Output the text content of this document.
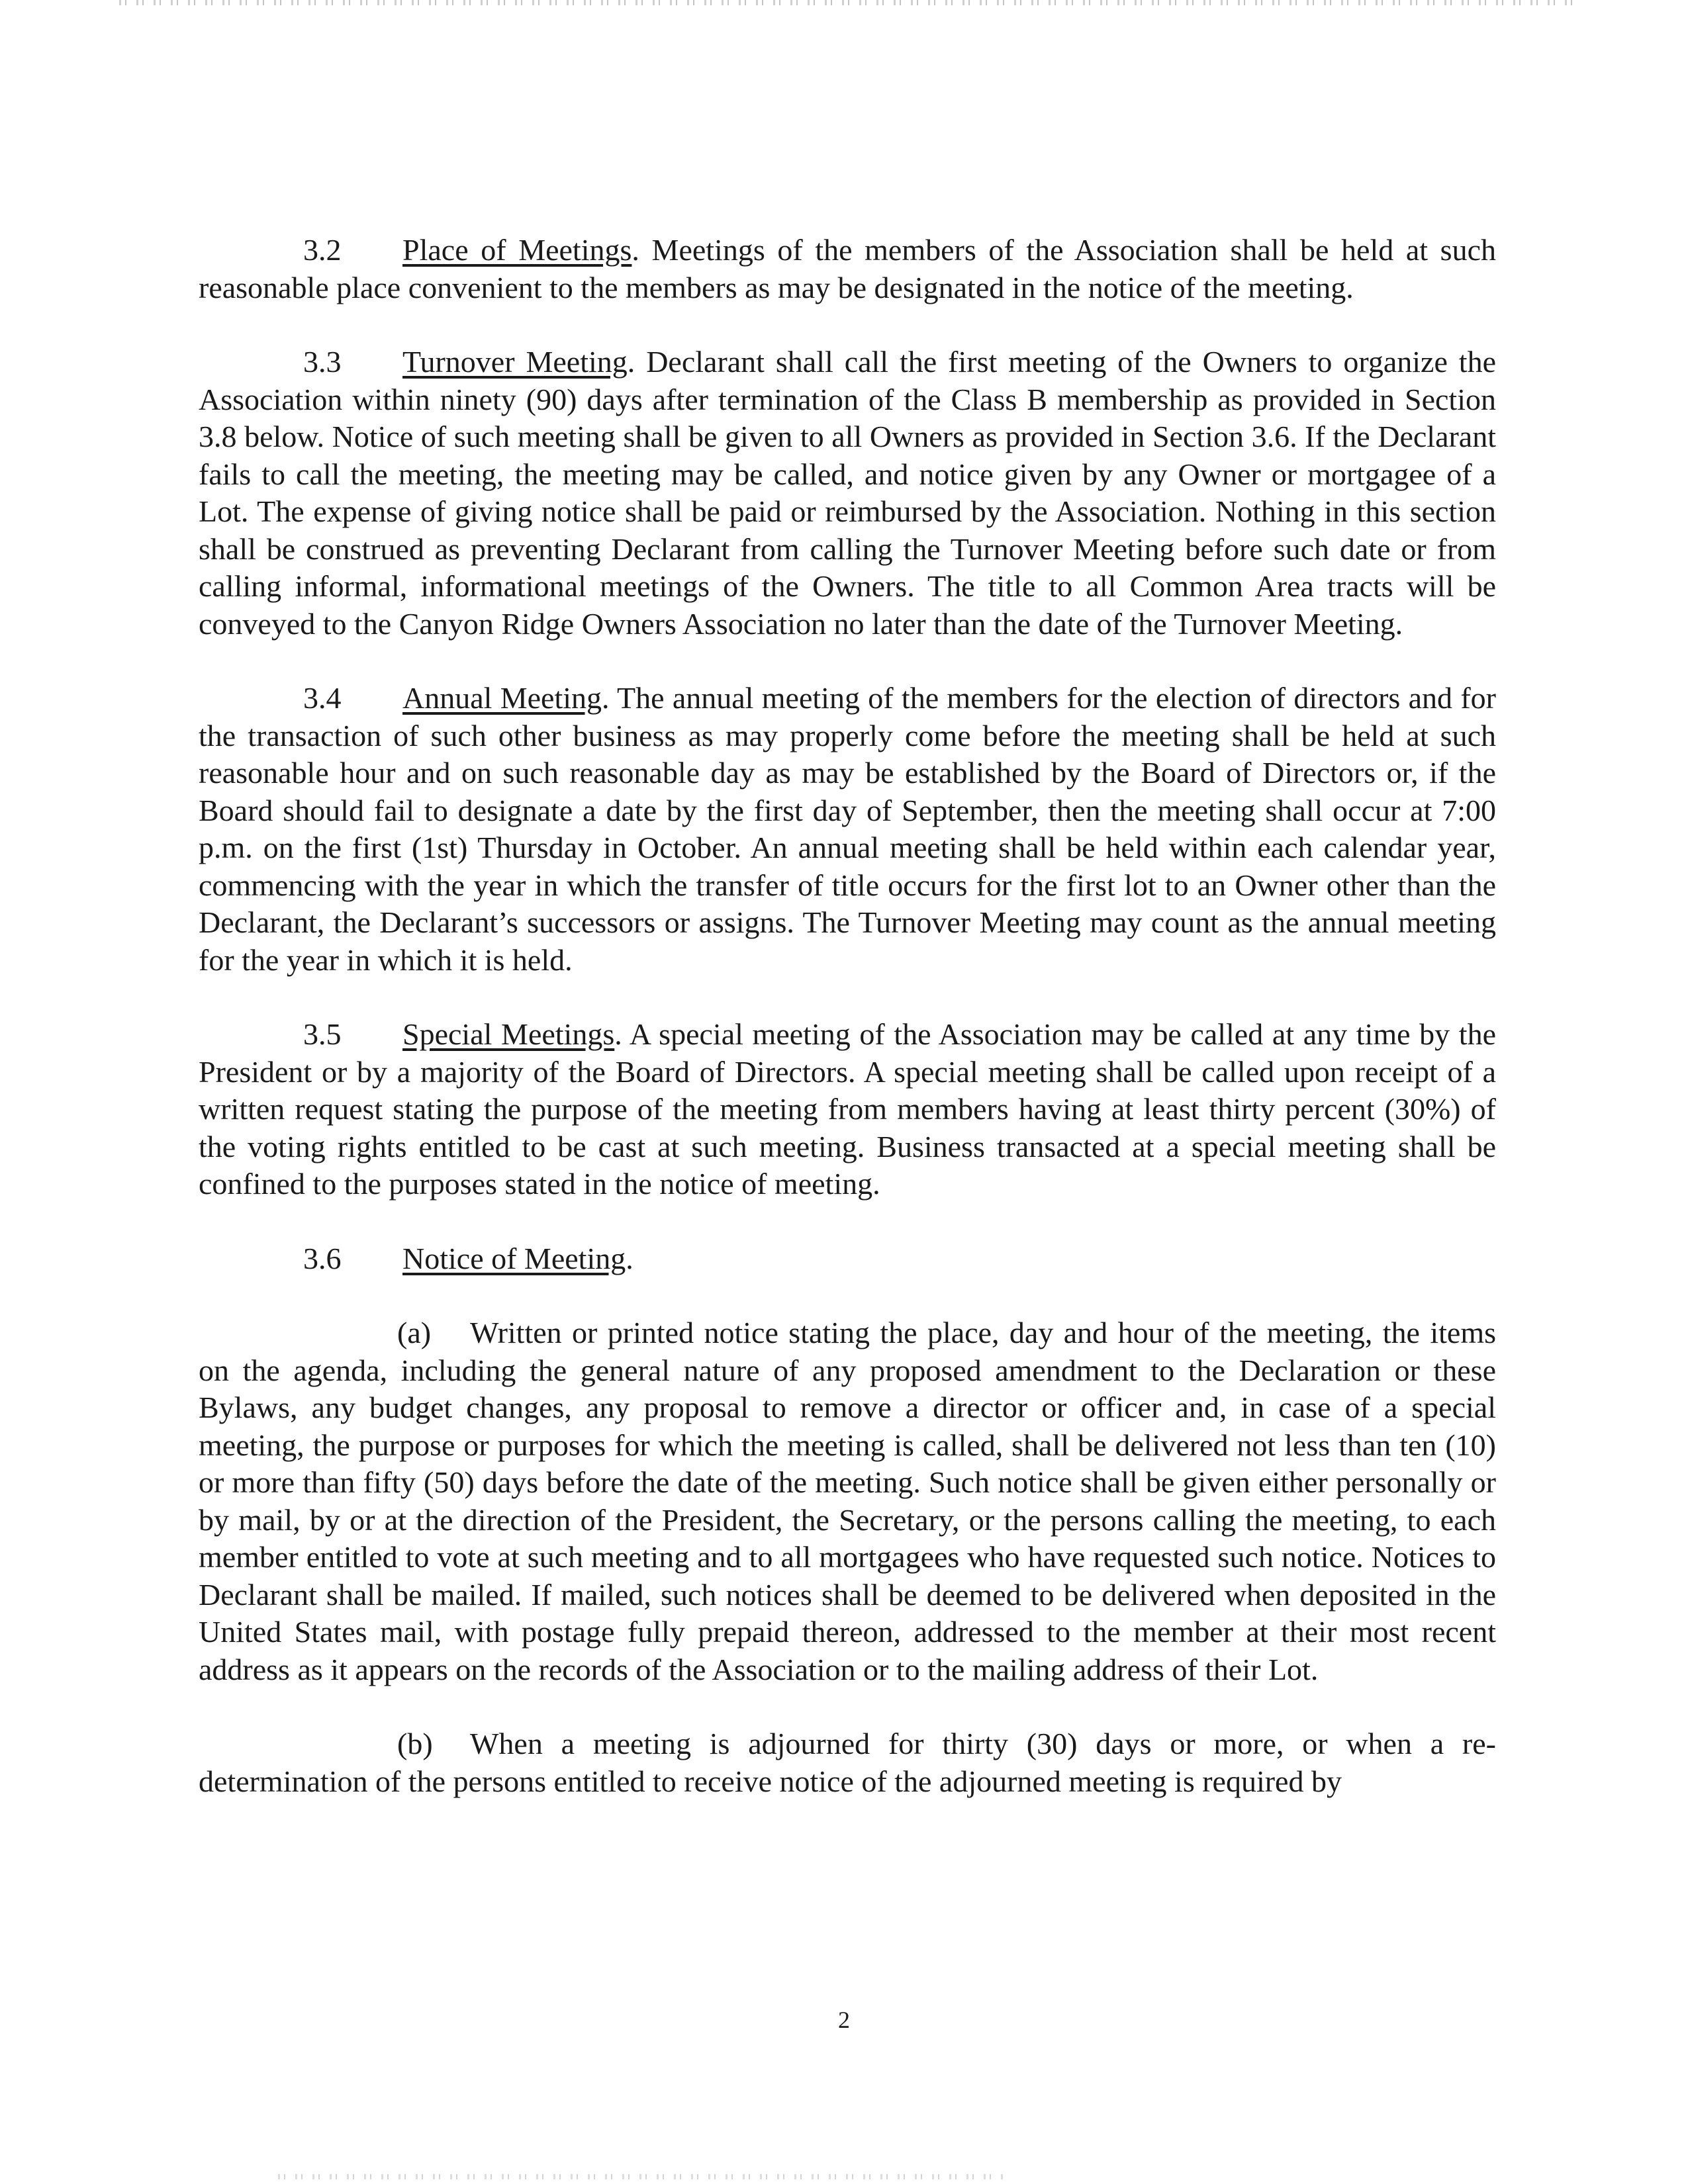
3.2 Place of Meetings. Meetings of the members of the Association shall be held at such reasonable place convenient to the members as may be designated in the notice of the meeting.

3.3 Turnover Meeting. Declarant shall call the first meeting of the Owners to organize the Association within ninety (90) days after termination of the Class B membership as provided in Section 3.8 below. Notice of such meeting shall be given to all Owners as provided in Section 3.6. If the Declarant fails to call the meeting, the meeting may be called, and notice given by any Owner or mortgagee of a Lot. The expense of giving notice shall be paid or reimbursed by the Association. Nothing in this section shall be construed as preventing Declarant from calling the Turnover Meeting before such date or from calling informal, informational meetings of the Owners. The title to all Common Area tracts will be conveyed to the Canyon Ridge Owners Association no later than the date of the Turnover Meeting.

3.4 Annual Meeting. The annual meeting of the members for the election of directors and for the transaction of such other business as may properly come before the meeting shall be held at such reasonable hour and on such reasonable day as may be established by the Board of Directors or, if the Board should fail to designate a date by the first day of September, then the meeting shall occur at 7:00 p.m. on the first (1st) Thursday in October. An annual meeting shall be held within each calendar year, commencing with the year in which the transfer of title occurs for the first lot to an Owner other than the Declarant, the Declarant’s successors or assigns. The Turnover Meeting may count as the annual meeting for the year in which it is held.

3.5 Special Meetings. A special meeting of the Association may be called at any time by the President or by a majority of the Board of Directors. A special meeting shall be called upon receipt of a written request stating the purpose of the meeting from members having at least thirty percent (30%) of the voting rights entitled to be cast at such meeting. Business transacted at a special meeting shall be confined to the purposes stated in the notice of meeting.

3.6 Notice of Meeting.

(a) Written or printed notice stating the place, day and hour of the meeting, the items on the agenda, including the general nature of any proposed amendment to the Declaration or these Bylaws, any budget changes, any proposal to remove a director or officer and, in case of a special meeting, the purpose or purposes for which the meeting is called, shall be delivered not less than ten (10) or more than fifty (50) days before the date of the meeting. Such notice shall be given either personally or by mail, by or at the direction of the President, the Secretary, or the persons calling the meeting, to each member entitled to vote at such meeting and to all mortgagees who have requested such notice. Notices to Declarant shall be mailed. If mailed, such notices shall be deemed to be delivered when deposited in the United States mail, with postage fully prepaid thereon, addressed to the member at their most recent address as it appears on the records of the Association or to the mailing address of their Lot.

(b) When a meeting is adjourned for thirty (30) days or more, or when a re-determination of the persons entitled to receive notice of the adjourned meeting is required by

2
